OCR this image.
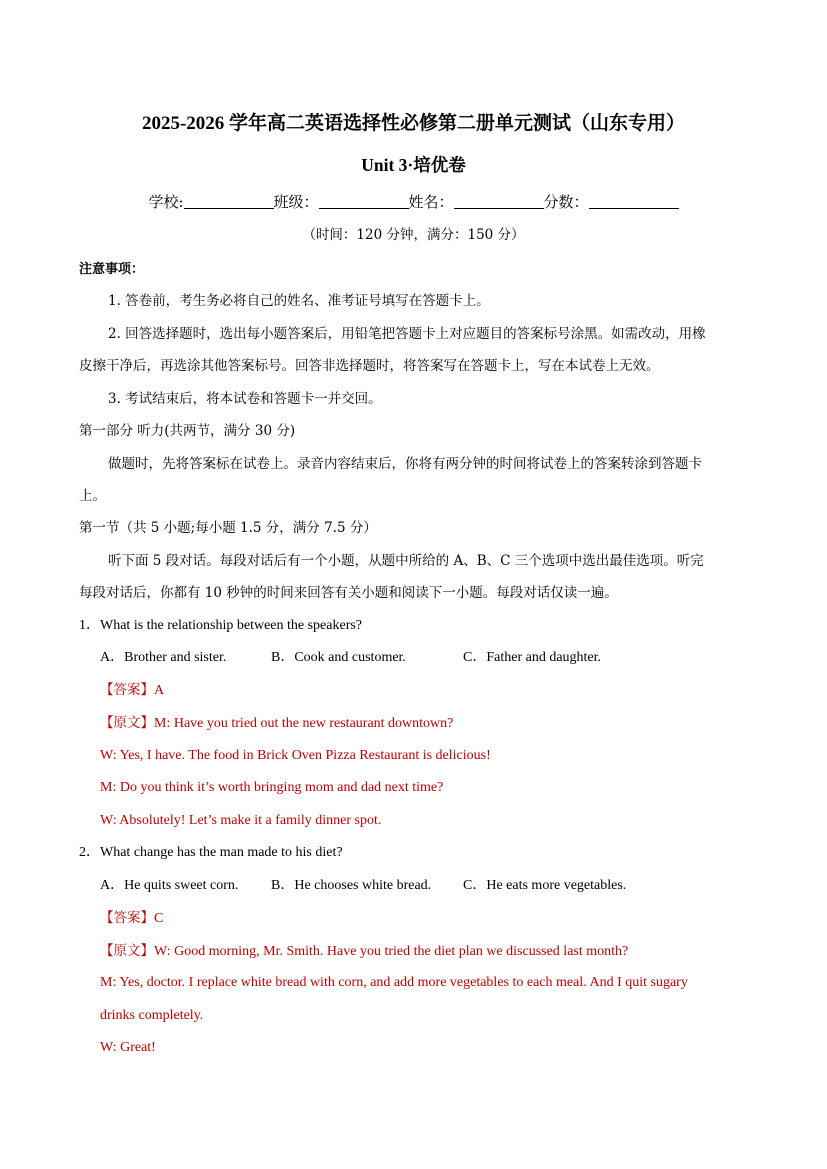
2025-2026 学年高二英语选择性必修第二册单元测试（山东专用）
Unit 3·培优卷
学校:	班级：	姓名：	分数：
（时间：120 分钟，满分：150 分）
注意事项：
1. 答卷前，考生务必将自己的姓名、准考证号填写在答题卡上。
2. 回答选择题时，选出每小题答案后，用铅笔把答题卡上对应题目的答案标号涂黑。如需改动，用橡
皮擦干净后，再选涂其他答案标号。回答非选择题时，将答案写在答题卡上，写在本试卷上无效。
3. 考试结束后，将本试卷和答题卡一并交回。
第一部分 听力(共两节，满分 30 分)
做题时，先将答案标在试卷上。录音内容结束后，你将有两分钟的时间将试卷上的答案转涂到答题卡
上。
第一节（共 5 小题;每小题 1.5 分，满分 7.5 分）
听下面 5 段对话。每段对话后有一个小题，从题中所给的 A、B、C 三个选项中选出最佳选项。听完
每段对话后，你都有 10 秒钟的时间来回答有关小题和阅读下一小题。每段对话仅读一遍。
1．What is the relationship between the speakers?
A．Brother and sister.	B．Cook and customer.	C．Father and daughter.
【答案】A
【原文】M: Have you tried out the new restaurant downtown?
W: Yes, I have. The food in Brick Oven Pizza Restaurant is delicious!
M: Do you think it’s worth bringing mom and dad next time?
W: Absolutely! Let’s make it a family dinner spot.
2．What change has the man made to his diet?
A．He quits sweet corn. B．He chooses white bread. C．He eats more vegetables.
【答案】C
【原文】W: Good morning, Mr. Smith. Have you tried the diet plan we discussed last month?
M: Yes, doctor. I replace white bread with corn, and add more vegetables to each meal. And I quit sugary
drinks completely.
W: Great!
